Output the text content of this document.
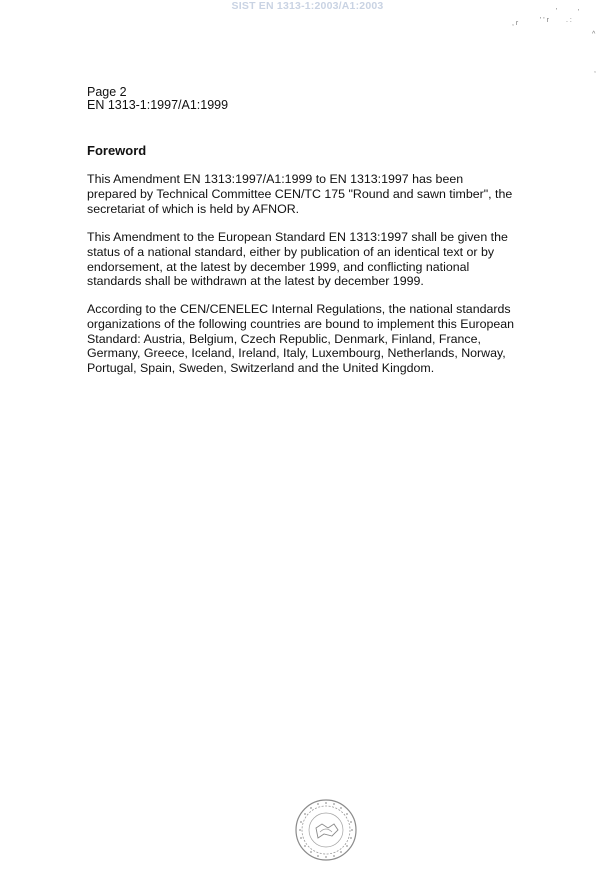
SIST EN 1313-1:2003/A1:2003	'	'
, r	' ' r . :
^
,
Page 2
EN 1313-1:1997/A1:1999
Foreword

This Amendment EN 1313:1997/A1:1999 to EN 1313:1997 has been
prepared by Technical Committee CEN/TC 175 "Round and sawn timber", the
secretariat of which is held by AFNOR.

This Amendment to the European Standard EN 1313:1997 shall be given the
status of a national standard, either by publication of an identical text or by
endorsement, at the latest by december 1999, and conflicting national
standards shall be withdrawn at the latest by december 1999.

According to the CEN/CENELEC Internal Regulations, the national standards
organizations of the following countries are bound to implement this European
Standard: Austria, Belgium, Czech Republic, Denmark, Finland, France,
Germany, Greece, Iceland, Ireland, Italy, Luxembourg, Netherlands, Norway,
Portugal, Spain, Sweden, Switzerland and the United Kingdom.
